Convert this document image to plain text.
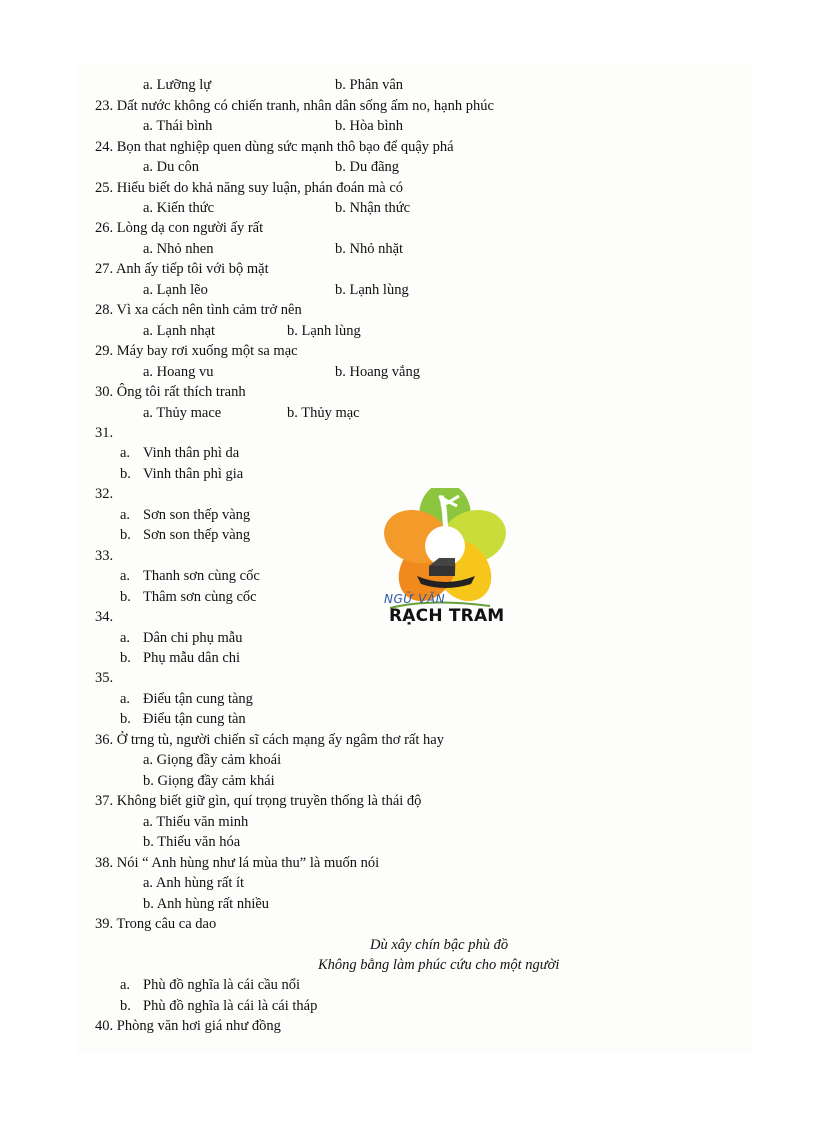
a. Lưỡng lự	b. Phân vân
23. Dất nước không có chiến tranh, nhân dân sống ấm no, hạnh phúc
a. Thái bình	b. Hòa bình
24. Bọn that nghiệp quen dùng sức mạnh thô bạo để quậy phá
a. Du côn	b. Du đãng
25. Hiểu biết do khả năng suy luận, phán đoán mà có
a. Kiến thức	b. Nhận thức
26. Lòng dạ con người ấy rất
a. Nhỏ nhen	b. Nhỏ nhặt
27. Anh ấy tiếp tôi với bộ mặt
a. Lạnh lẽo	b. Lạnh lùng
28. Vì xa cách nên tình cảm trở nên
a. Lạnh nhạt	b. Lạnh lùng
29. Máy bay rơi xuống một sa mạc
a. Hoang vu	b. Hoang vắng
30. Ông tôi rất thích tranh
a. Thủy mace	b. Thủy mạc
31.
a. Vinh thân phì da
b. Vinh thân phì gia
32.
a. Sơn son thếp vàng
b. Sơn son thếp vàng
33.
a. Thanh sơn cùng cốc
b. Thâm sơn cùng cốc
34.
a. Dân chi phụ mẫu
b. Phụ mẫu dân chi
35.
a. Điểu tận cung tàng
b. Điểu tận cung tàn
36. Ở trng tù, người chiến sĩ cách mạng ấy ngâm thơ rất hay
a. Giọng đầy cảm khoái
b. Giọng đầy cảm khái
37. Không biết giữ gìn, quí trọng truyền thống là thái độ
a. Thiếu văn minh
b. Thiếu văn hóa
38. Nói “ Anh hùng như lá mùa thu” là muốn nói
a. Anh hùng rất ít
b. Anh hùng rất nhiều
39. Trong câu ca dao
Dù xây chín bậc phù đồ
Không bằng làm phúc cứu cho một người
a. Phù đồ nghĩa là cái cầu nổi
b. Phù đồ nghĩa là cái là cái tháp
40. Phòng văn hơi giá như đồng
NGỮ VĂN
RẠCH TRAM
